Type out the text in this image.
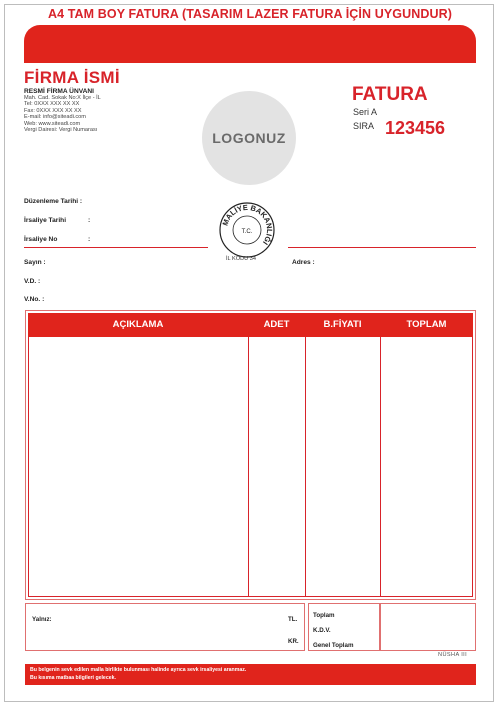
A4 TAM BOY FATURA (TASARIM LAZER FATURA İÇİN UYGUNDUR)
FİRMA İSMİ
RESMİ FİRMA ÜNVANI
Mah. Cad. Sokak No:X İlçe - İL
Tel: 0XXX XXX XX XX
Fax: 0XXX XXX XX XX
E-mail: info@siteadi.com
Web: www.siteadi.com
Vergi Dairesi: Vergi Numarası	LOGONUZ
FATURA
Seri A
SIRA 123456
Düzenleme Tarihi :
İrsaliye Tarihi	:
İrsaliye No	:
MALİYE BAKANLIĞI
T.C.
İL KODU 34
Sayın :	Adres :
V.D. :
V.No. :
AÇIKLAMA	ADET	B.FİYATI	TOPLAM
Yalnız:	TL.
KR.
Toplam
K.D.V.
Genel Toplam
NÜSHA III
Bu belgenin sevk edilen malla birlikte bulunması halinde ayrıca sevk irsaliyesi aranmaz.
Bu kısıma matbaa bilgileri gelecek.
